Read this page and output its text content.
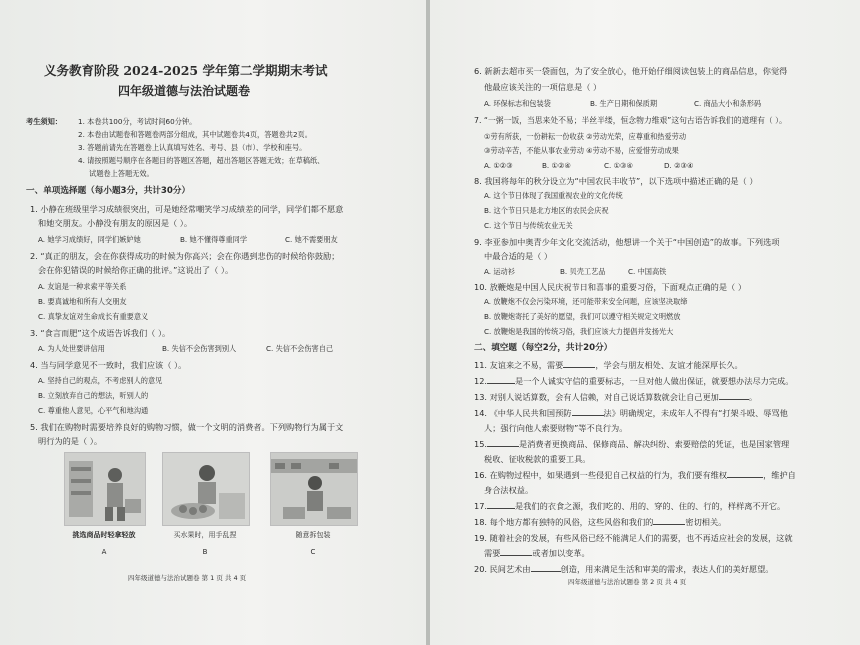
义务教育阶段 2024-2025 学年第二学期期末考试
四年级道德与法治试题卷
考生须知： 1. 本卷共100分，考试时间60分钟。
2. 本卷由试题卷和答题卷两部分组成，其中试题卷共4页，答题卷共2页。
3. 答题前请先在答题卷上认真填写姓名、考号、县（市）、学校和座号。
4. 请按照题号顺序在各题目的答题区答题，超出答题区答题无效；在草稿纸、
试题卷上答题无效。
一、单项选择题（每小题3分，共计30分）
1. 小静在班级里学习成绩很突出，可是她经常嘲笑学习成绩差的同学，同学们都不愿意
和她交朋友。小静没有朋友的原因是（ ）。
A. 她学习成绩好，同学们嫉妒她	B. 她不懂得尊重同学	C. 她不需要朋友
2. “真正的朋友，会在你获得成功的时候为你高兴；会在你遇到悲伤的时候给你鼓励；
会在你犯错误的时候给你正确的批评。”这说出了（ ）。
A. 友谊是一种求索平等关系
B. 要真诚地和所有人交朋友
C. 真挚友谊对生命成长有重要意义
3. “食言而肥”这个成语告诉我们（ ）。
A. 为人处世要讲信用	B. 失信不会伤害到别人	C. 失信不会伤害自己
4. 当与同学意见不一致时，我们应该（ ）。
A. 坚持自己的观点，不考虑别人的意见
B. 立刻放弃自己的想法，听别人的
C. 尊重他人意见，心平气和地沟通
5. 我们在购物时需要培养良好的购物习惯，做一个文明的消费者。下列购物行为属于文
明行为的是（ ）。
挑选商品时轻拿轻放
A
买水果时，用手乱捏
B
随意拆包装
C
四年级道德与法治试题卷 第 1 页 共 4 页
6. 新新去超市买一袋面包，为了安全放心，他开始仔细阅读包装上的商品信息，你觉得
他最应该关注的一项信息是（ ）
A. 环保标志和包装袋	B. 生产日期和保质期	C. 商品大小和条形码
7. “一粥一饭，当思来处不易；半丝半缕，恒念物力维艰”这句古语告诉我们的道理有（ ）。
①劳有所获，一份耕耘一份收获 ②劳动光荣，应尊重和热爱劳动
③劳动辛苦，不能从事农业劳动 ④劳动不易，应爱惜劳动成果
A. ①②③	B. ①②④	C. ①③④	D. ②③④
8. 我国将每年的秋分设立为“中国农民丰收节”，以下选项中描述正确的是（ ）
A. 这个节日体现了我国重视农业的文化传统
B. 这个节日只是北方地区的农民会庆祝
C. 这个节日与传统农业无关
9. 李亚参加中奥青少年文化交流活动，他想讲一个关于“中国创造”的故事。下列选项
中最合适的是（ ）
A. 运动衫	B. 贝壳工艺品	C. 中国高铁
10. 放鞭炮是中国人民庆祝节日和喜事的重要习俗，下面观点正确的是（ ）
A. 放鞭炮不仅会污染环境，还可能带来安全问题，应该坚决取缔
B. 放鞭炮寄托了美好的愿望，我们可以遵守相关规定文明燃放
C. 放鞭炮是我国的传统习俗，我们应该大力提倡并发扬光大
二、填空题（每空2分，共计20分）
11. 友谊来之不易，需要	，学会与朋友相处、友谊才能深厚长久。
12.	是一个人诚实守信的重要标志，一旦对他人做出保证，就要想办法尽力完成。
13. 对别人说话算数，会有人信赖，对自己说话算数就会让自己更加	。
14. 《中华人民共和国预防	法》明确规定，未成年人不得有“打架斗殴、辱骂他
人；强行向他人索要财物”等不良行为。
15.	是消费者更换商品、保修商品、解决纠纷、索要赔偿的凭证，也是国家管理
税收、征收税款的重要工具。
16. 在购物过程中，如果遇到一些侵犯自己权益的行为，我们要有维权	，维护自
身合法权益。
17.	是我们的衣食之源，我们吃的、用的、穿的、住的、行的，样样离不开它。
18. 每个地方都有独特的风俗，这些风俗和我们的	密切相关。
19. 随着社会的发展，有些风俗已经不能满足人们的需要，也不再适应社会的发展，这就
需要	或者加以变革。
20. 民间艺术由	创造，用来满足生活和审美的需求，表达人们的美好愿望。
四年级道德与法治试题卷 第 2 页 共 4 页
